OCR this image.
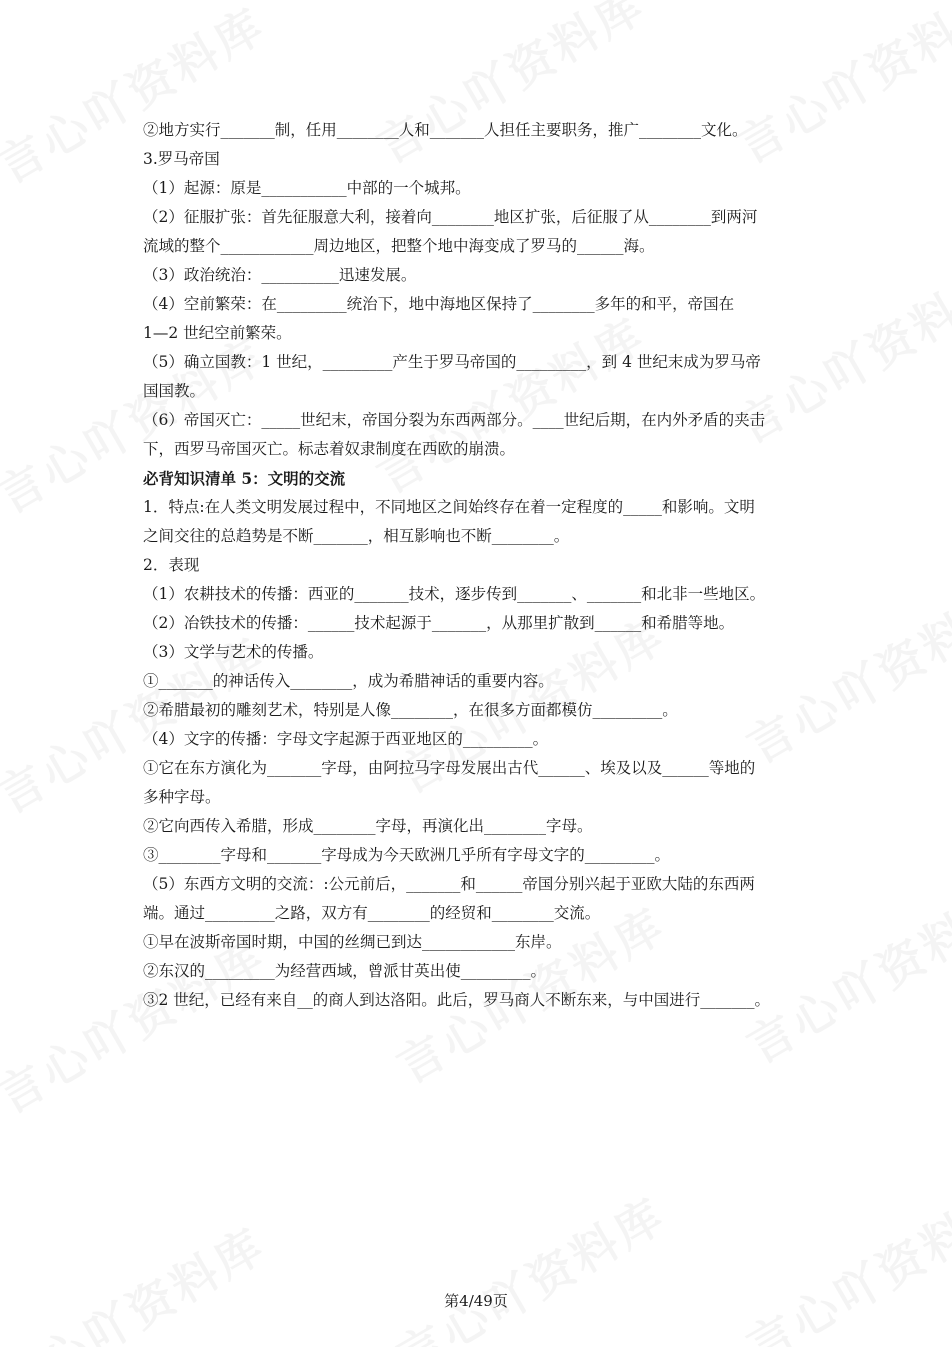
②地方实行_______制，任用________人和_______人担任主要职务，推广________文化。
3.罗马帝国
（1）起源：原是___________中部的一个城邦。
（2）征服扩张：首先征服意大利，接着向________地区扩张，后征服了从________到两河
流域的整个____________周边地区，把整个地中海变成了罗马的______海。
（3）政治统治：__________迅速发展。
（4）空前繁荣：在_________统治下，地中海地区保持了________多年的和平，帝国在
1—2 世纪空前繁荣。
（5）确立国教：1 世纪，_________产生于罗马帝国的_________，到 4 世纪末成为罗马帝
国国教。
（6）帝国灭亡：_____世纪末，帝国分裂为东西两部分。____世纪后期，在内外矛盾的夹击
下，西罗马帝国灭亡。标志着奴隶制度在西欧的崩溃。
必背知识清单 5：文明的交流
1．特点:在人类文明发展过程中，不同地区之间始终存在着一定程度的_____和影响。文明
之间交往的总趋势是不断_______，相互影响也不断________。
2．表现
（1）农耕技术的传播：西亚的_______技术，逐步传到_______、_______和北非一些地区。
（2）冶铁技术的传播：______技术起源于_______，从那里扩散到______和希腊等地。
（3）文学与艺术的传播。
①_______的神话传入________，成为希腊神话的重要内容。
②希腊最初的雕刻艺术，特别是人像________，在很多方面都模仿_________。
（4）文字的传播：字母文字起源于西亚地区的_________。
①它在东方演化为_______字母，由阿拉马字母发展出古代______、埃及以及______等地的
多种字母。
②它向西传入希腊，形成________字母，再演化出________字母。
③________字母和_______字母成为今天欧洲几乎所有字母文字的_________。
（5）东西方文明的交流：:公元前后，_______和______帝国分别兴起于亚欧大陆的东西两
端。通过_________之路，双方有________的经贸和________交流。
①早在波斯帝国时期，中国的丝绸已到达____________东岸。
②东汉的_________为经营西域，曾派甘英出使_________。
③2 世纪，已经有来自__的商人到达洛阳。此后，罗马商人不断东来，与中国进行_______。
第4/49页
